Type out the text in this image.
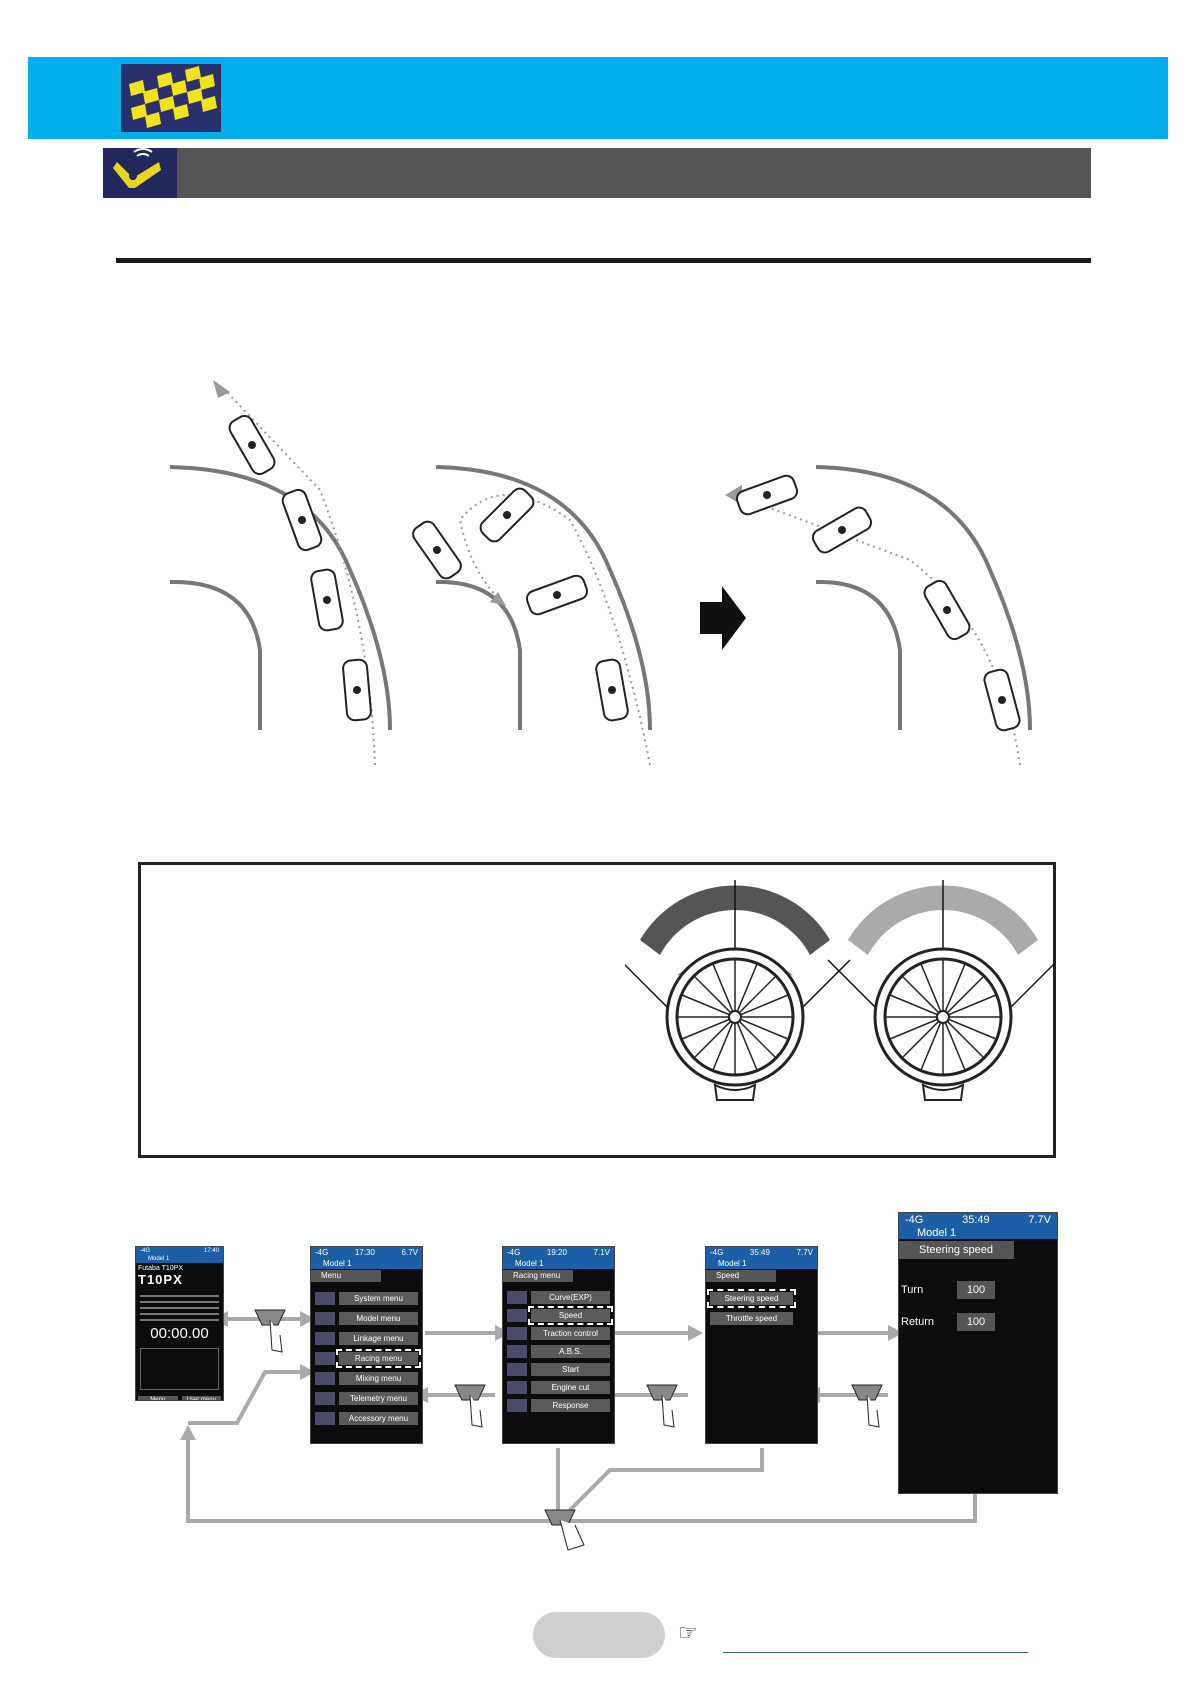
-4G	17:40
Model 1
Futaba T10PX
T10PX
00:00.00
Menu	User menu
-4G	17:30	6.7V
Model 1
Menu
System menu
Model menu
Linkage menu
Racing menu
Mixing menu
Telemetry menu
Accessory menu
-4G	19:20	7.1V
Model 1
Racing menu
Curve(EXP)
Speed
Traction control
A.B.S.
Start
Engine cut
Response
-4G	35:49	7.7V
Model 1
Speed
Steering speed
Throttle speed
-4G	35:49	7.7V
Model 1
Steering speed
Turn	100
Return	100
☞
